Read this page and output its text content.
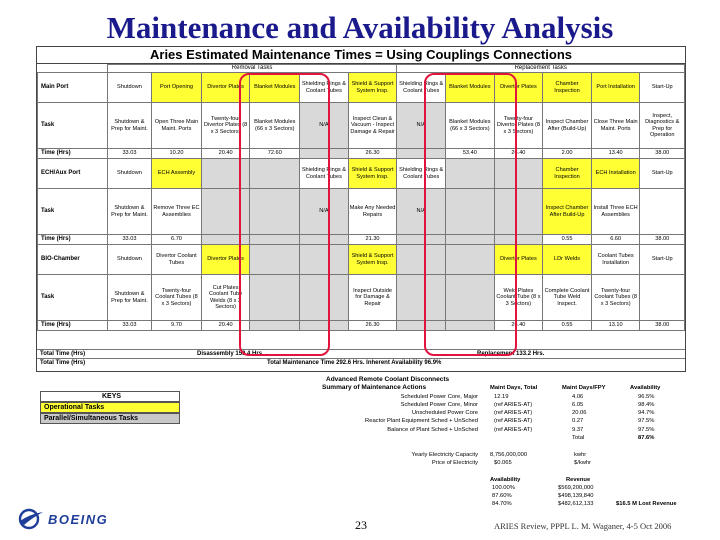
Maintenance and Availability Analysis
Aries Estimated Maintenance Times = Using Couplings Connections
	Removal Tasks						Replacement Tasks					
Main Port	Shutdown	Port Opening	Divertor Plates	Blanket Modules	Shielding Rings & Coolant Tubes	Shield & Support System Insp.	Shielding Rings & Coolant Tubes	Blanket Modules	Divertor Plates	Chamber Inspection	Port Installation	Start-Up
Task	Shutdown & Prep for Maint.	Open Three Main Maint. Ports	Twenty-four Divertor Plates (8 x 3 Sectors)	Blanket Modules (66 x 3 Sectors)	N/A	Inspect Clean & Vacuum - Inspect Damage & Repair	N/A	Blanket Modules (66 x 3 Sectors)	Twenty-four Divertor Plates (8 x 3 Sectors)	Inspect Chamber After (Build-Up)	Close Three Main Maint. Ports	Inspect, Diagnostics & Prep for Operation
Time (Hrs)	33.03	10.20	20.40	72.60		26.30		53.40	26.40	2.00	13.40	38.00
ECH/Aux Port	Shutdown	ECH Assembly			Shielding Rings & Coolant Tubes	Shield & Support System Insp.	Shielding Rings & Coolant Tubes			Chamber Inspection	ECH Installation	Start-Up
Task	Shutdown & Prep for Maint.	Remove Three EC Assemblies			N/A	Make Any Needed Repairs	N/A			Inspect Chamber After Build-Up	Install Three ECH Assemblies	
Time (Hrs)	33.03	6.70				21.30				0.55	6.60	38.00
BIO-Chamber	Shutdown	Divertor Coolant Tubes	Divertor Plates			Shield & Support System Insp.			Divertor Plates	LDr Welds	Coolant Tubes Installation	Start-Up
Task	Shutdown & Prep for Maint.	Twenty-four Coolant Tubes (8 x 3 Sectors)	Cut Plates Coolant Tube Welds (8 x 3 Sectors)			Inspect Outside for Damage & Repair			Weld Plates Coolant Tube (8 x 3 Sectors)	Complete Coolant Tube Weld Inspect.	Twenty-four Coolant Tubes (8 x 3 Sectors)	
Time (Hrs)	33.03	9.70	20.40			26.30			26.40	0.55	13.10	38.00
Total Time (Hrs)	Disassembly 159.4 Hrs.	Replacement 133.2 Hrs.
Total Time (Hrs)	Total Maintenance Time 292.6 Hrs. Inherent Availability 96.9%
KEYS
Operational Tasks
Parallel/Simultaneous Tasks
Advanced Remote Coolant Disconnects
Summary of Maintenance Actions	Maint Days, Total	Maint Days/FPY	Availability
Scheduled Power Core, Major	12.19	4.06	96.5%
Scheduled Power Core, Minor	(ref ARIES-AT)	6.05	98.4%
Unscheduled Power Core	(ref ARIES-AT)	20.06	94.7%
Reactor Plant Equipment Sched + UnSched	(ref ARIES-AT)	0.27	97.5%
Balance of Plant Sched + UnSched	(ref ARIES-AT)	9.37	97.5%
Total	87.6%
Yearly Electricity Capacity 8,756,000,000	kwhr
Price of Electricity	$0.065	$/kwhr
Availability	Revenue
100.00%	$569,200,000
87.60%	$498,139,840
84.70%	$482,612,133	$16.5 M Lost Revenue
BOEING	23	ARIES Review, PPPL L. M. Waganer, 4-5 Oct 2006
